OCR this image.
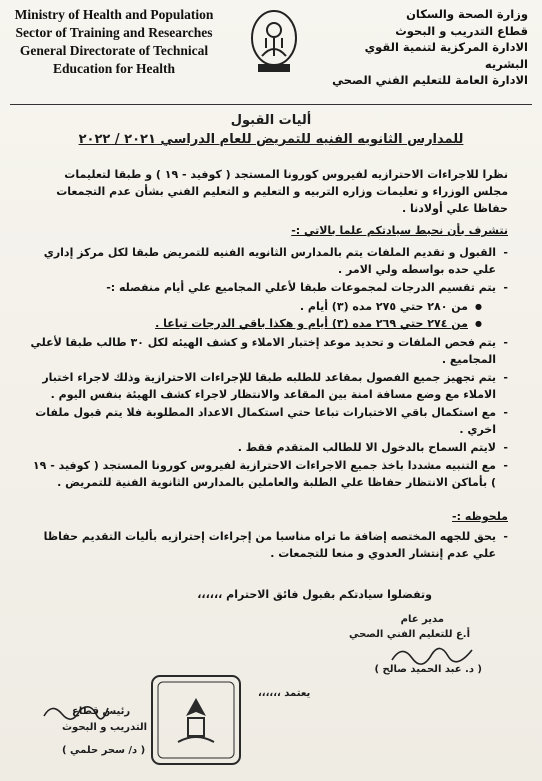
Ministry of Health and Population
Sector of Training and Researches
General Directorate of Technical
Education for Health
وزارة الصحة والسكان
قطاع التدريب و البحوث
الادارة المركزية لتنمية القوي البشريه
الادارة العامة للتعليم الفني الصحي
أليات القبول
للمدارس الثانويه الفنيه للتمريض للعام الدراسي ٢٠٢١ / ٢٠٢٢
نظرا للاجراءات الاحترازيه لفيروس كورونا المستجد ( كوفيد - ١٩ ) و طبقا لتعليمات مجلس الوزراء و تعليمات وزاره التربيه و التعليم و التعليم الفني بشأن عدم التجمعات حفاظا علي أولادنا .
نتشرف بأن نحيط سيادتكم علما بالاتي :-
- القبول و تقديم الملفات يتم بالمدارس الثانويه الفنيه للتمريض طبقا لكل مركز إداري علي حده بواسطه ولي الامر .
- يتم تقسيم الدرجات لمجموعات طبقا لأعلي المجاميع علي أيام منفصله :-
● من ٢٨٠ حتي ٢٧٥ مده (٣) أيام .
● من ٢٧٤ حتي ٢٦٩ مده (٣) أيام و هكذا باقي الدرجات تباعا .
- يتم فحص الملفات و تحديد موعد إختبار الاملاء و كشف الهيئه لكل ٣٠ طالب طبقا لأعلي المجاميع .
- يتم تجهيز جميع الفصول بمقاعد للطلبه طبقا للإجراءات الاحترازية وذلك لاجراء اختبار الاملاء مع وضع مسافة امنة بين المقاعد والانتظار لاجراء كشف الهيئة بنفس اليوم .
- مع استكمال باقي الاختبارات تباعا حتي استكمال الاعداد المطلوبة فلا يتم قبول ملفات اخري .
- لايتم السماح بالدخول الا للطالب المتقدم فقط .
- مع التنبيه مشددا باخذ جميع الاجراءات الاحترازية لفيروس كورونا المستجد ( كوفيد - ١٩ ) بأماكن الانتظار حفاظا علي الطلبة والعاملين بالمدارس الثانوية الفنية للتمريض .
ملحوظه :-
- يحق للجهه المختصه إضافة ما تراه مناسبا من إجراءات إحترازيه بأليات التقديم حفاظا علي عدم إنتشار العدوي و منعا للتجمعات .
وتفضلوا سيادتكم بقبول فائق الاحترام ،،،،،،
مدير عام
أ.ع للتعليم الفني الصحي
( د. عبد الحميد صالح )
يعتمد ،،،،،،
رئيس قطاع
التدريب و البحوث
( د/ سحر حلمي )
